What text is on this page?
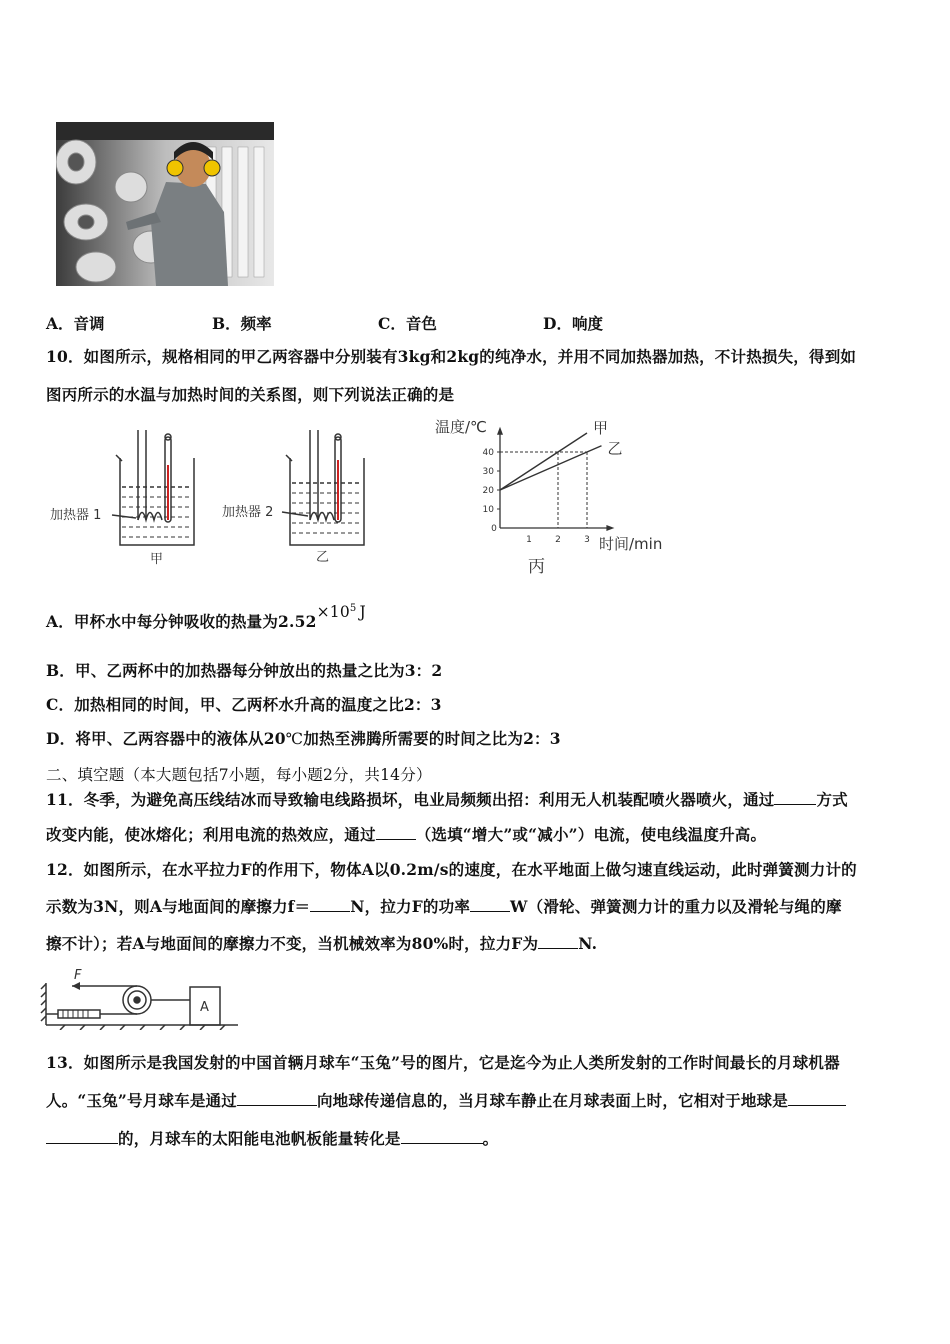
A．音调	B．频率	C．音色	D．响度
10．如图所示，规格相同的甲乙两容器中分别装有3kg和2kg的纯净水，并用不同加热器加热，不计热损失，得到如
图丙所示的水温与加热时间的关系图，则下列说法正确的是
加热器 1
甲
加热器 2
乙
温度/℃
时间/min
丙
10
20
30
40
0
1	2	3
甲
乙
A．甲杯水中每分钟吸收的热量为$2.52\times 10^5$ J
B．甲、乙两杯中的加热器每分钟放出的热量之比为3：2
C．加热相同的时间，甲、乙两杯水升高的温度之比2：3
D．将甲、乙两容器中的液体从20℃加热至沸腾所需要的时间之比为2：3
二、填空题（本大题包括7小题，每小题2分，共14分）
11．冬季，为避免高压线结冰而导致输电线路损坏，电业局频频出招：利用无人机装配喷火器喷火，通过	方式
改变内能，使冰熔化；利用电流的热效应，通过	（选填“增大”或“减小”）电流，使电线温度升高。
12．如图所示，在水平拉力F的作用下，物体A以0.2m/s的速度，在水平地面上做匀速直线运动，此时弹簧测力计的
示数为3N，则A与地面间的摩擦力f＝	N，拉力F的功率	W（滑轮、弹簧测力计的重力以及滑轮与绳的摩
擦不计）；若A与地面间的摩擦力不变，当机械效率为80%时，拉力F为	N.
F
A
13．如图所示是我国发射的中国首辆月球车“玉兔”号的图片，它是迄今为止人类所发射的工作时间最长的月球机器
人。“玉兔”号月球车是通过	向地球传递信息的，当月球车静止在月球表面上时，它相对于地球是
的，月球车的太阳能电池帆板能量转化是	。
